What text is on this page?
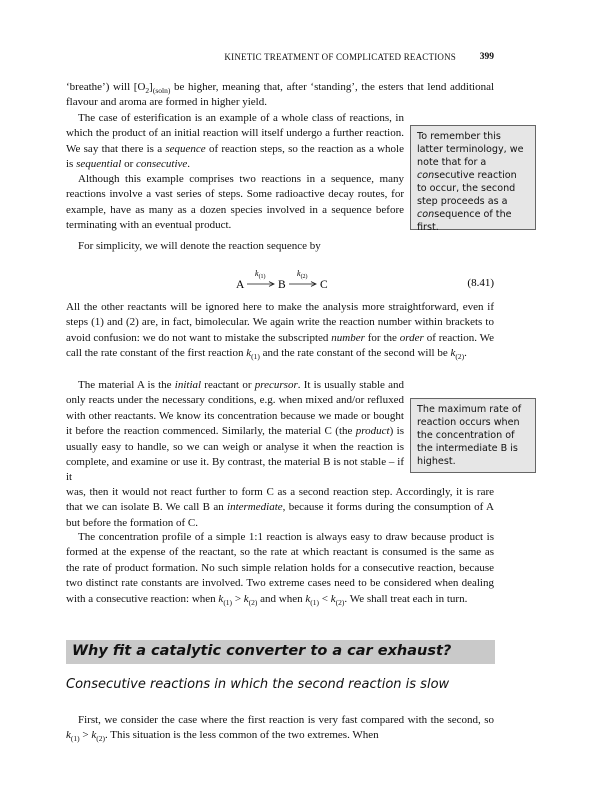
KINETIC TREATMENT OF COMPLICATED REACTIONS	399

‘breathe’) will $[O_2]_{(soln)}$ be higher, meaning that, after ‘standing’, the esters that lend additional flavour and aroma are formed in higher yield.

The case of esterification is an example of a whole class of reactions, in which the product of an initial reaction will itself undergo a further reaction. We say that there is a sequence of reaction steps, so the reaction as a whole is sequential or consecutive.

Although this example comprises two reactions in a sequence, many reactions involve a vast series of steps. Some radioactive decay routes, for example, have as many as a dozen species involved in a sequence before terminating with an eventual product.

For simplicity, we will denote the reaction sequence by

To remember this latter terminology, we note that for a consecutive reaction to occur, the second step proceeds as a consequence of the first.
A
$k_{(1)}$
B
$k_{(2)}$
C	(8.41)

All the other reactants will be ignored here to make the analysis more straightforward, even if steps (1) and (2) are, in fact, bimolecular. We again write the reaction number within brackets to avoid confusion: we do not want to mistake the subscripted number for the order of reaction. We call the rate constant of the first reaction $k_{(1)}$ and the rate constant of the second will be $k_{(2)}$.

The material A is the initial reactant or precursor. It is usually stable and only reacts under the necessary conditions, e.g. when mixed and/or refluxed with other reactants. We know its concentration because we made or bought it before the reaction commenced. Similarly, the material C (the product) is usually easy to handle, so we can weigh or analyse it when the reaction is complete, and examine or use it. By contrast, the material B is not stable – if it

The maximum rate of reaction occurs when the concentration of the intermediate B is highest.

was, then it would not react further to form C as a second reaction step. Accordingly, it is rare that we can isolate B. We call B an intermediate, because it forms during the consumption of A but before the formation of C.

The concentration profile of a simple 1:1 reaction is always easy to draw because product is formed at the expense of the reactant, so the rate at which reactant is consumed is the same as the rate of product formation. No such simple relation holds for a consecutive reaction, because two distinct rate constants are involved. Two extreme cases need to be considered when dealing with a consecutive reaction: when $k_{(1)} > k_{(2)}$ and when $k_{(1)} < k_{(2)}$. We shall treat each in turn.

Why fit a catalytic converter to a car exhaust?
Consecutive reactions in which the second reaction is slow

First, we consider the case where the first reaction is very fast compared with the second, so $k_{(1)} > k_{(2)}$. This situation is the less common of the two extremes. When
